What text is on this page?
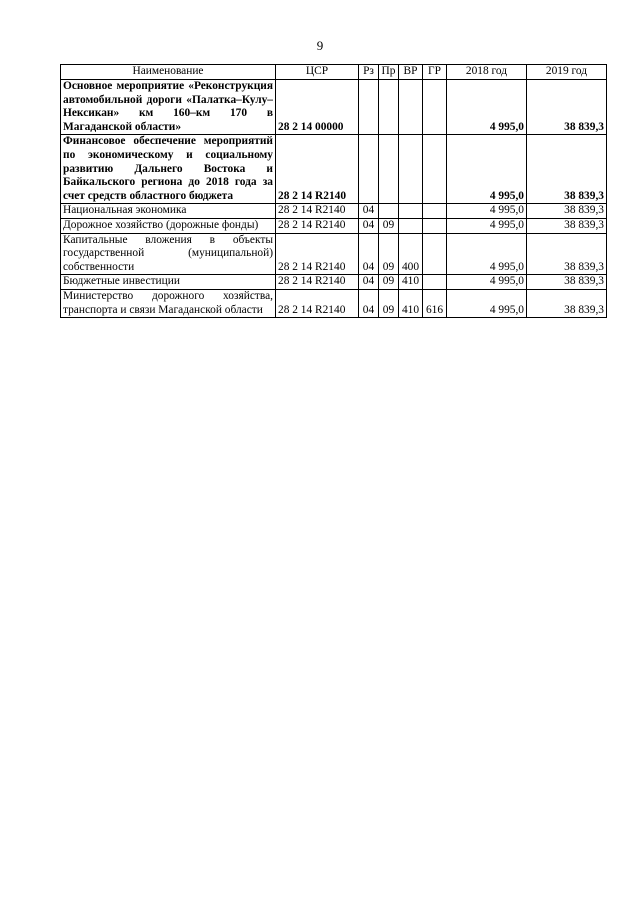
9
Наименование	ЦСР	Рз	Пр	ВР	ГР	2018 год	2019 год
Основное мероприятие «Реконструкция автомобильной дороги «Палатка–Кулу–Нексикан» км 160–км 170 в Магаданской области»	28 2 14 00000					4 995,0	38 839,3
Финансовое обеспечение мероприятий по экономическому и социальному развитию Дальнего Востока и Байкальского региона до 2018 года за счет средств областного бюджета	28 2 14 R2140					4 995,0	38 839,3
Национальная экономика	28 2 14 R2140	04				4 995,0	38 839,3
Дорожное хозяйство (дорожные фонды)	28 2 14 R2140	04	09			4 995,0	38 839,3
Капитальные вложения в объекты государственной (муниципальной) собственности	28 2 14 R2140	04	09	400		4 995,0	38 839,3
Бюджетные инвестиции	28 2 14 R2140	04	09	410		4 995,0	38 839,3
Министерство дорожного хозяйства, транспорта и связи Магаданской области	28 2 14 R2140	04	09	410	616	4 995,0	38 839,3
